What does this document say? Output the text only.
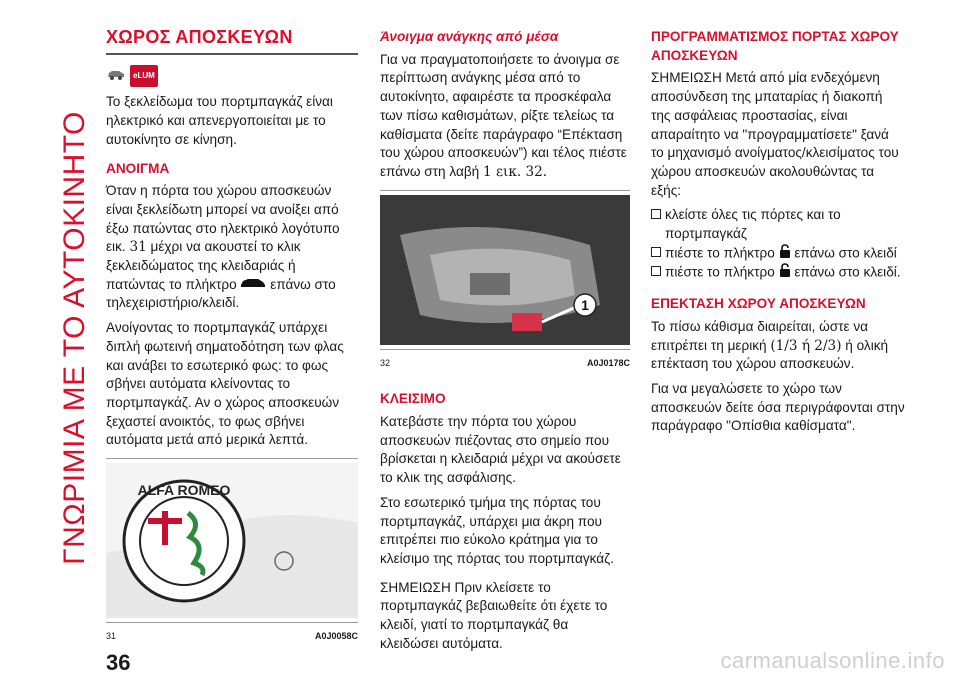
ΓΝΩΡΙΜΙΑ ΜΕ ΤΟ ΑΥΤΟΚΙΝΗΤΟ
ΧΩΡΟΣ ΑΠΟΣΚΕΥΩΝ
eLUM

Το ξεκλείδωμα του πορτμπαγκάζ είναι ηλεκτρικό και απενεργοποιείται με το αυτοκίνητο σε κίνηση.

ΑΝΟΙΓΜΑ

Όταν η πόρτα του χώρου αποσκευών είναι ξεκλείδωτη μπορεί να ανοίξει από έξω πατώντας στο ηλεκτρικό λογότυπο εικ. 31 μέχρι να ακουστεί το κλικ ξεκλειδώματος της κλειδαριάς ή πατώντας το πλήκτρο  επάνω στο τηλεχειριστήριο/κλειδί.

Ανοίγοντας το πορτμπαγκάζ υπάρχει διπλή φωτεινή σηματοδότηση των φλας και ανάβει το εσωτερικό φως: το φως σβήνει αυτόματα κλείνοντας το πορτμπαγκάζ. Αν ο χώρος αποσκευών ξεχαστεί ανοικτός, το φως σβήνει αυτόματα μετά από μερικά λεπτά.

ALFA ROMEO
31	A0J0058C
Άνοιγμα ανάγκης από μέσα

Για να πραγματοποιήσετε το άνοιγμα σε περίπτωση ανάγκης μέσα από το αυτοκίνητο, αφαιρέστε τα προσκέφαλα των πίσω καθισμάτων, ρίξτε τελείως τα καθίσματα (δείτε παράγραφο “Επέκταση του χώρου αποσκευών”) και τέλος πιέστε επάνω στη λαβή 1 εικ. 32.

1
32	A0J0178C
ΚΛΕΙΣΙΜΟ

Κατεβάστε την πόρτα του χώρου αποσκευών πιέζοντας στο σημείο που βρίσκεται η κλειδαριά μέχρι να ακούσετε το κλικ της ασφάλισης.

Στο εσωτερικό τμήμα της πόρτας του πορτμπαγκάζ, υπάρχει μια άκρη που επιτρέπει πιο εύκολο κράτημα για το κλείσιμο της πόρτας του πορτμπαγκάζ.

ΣΗΜΕΙΩΣΗ Πριν κλείσετε το πορτμπαγκάζ βεβαιωθείτε ότι έχετε το κλειδί, γιατί το πορτμπαγκάζ θα κλειδώσει αυτόματα.

ΠΡΟΓΡΑΜΜΑΤΙΣΜΟΣ ΠΟΡΤΑΣ ΧΩΡΟΥ ΑΠΟΣΚΕΥΩΝ

ΣΗΜΕΙΩΣΗ Μετά από μία ενδεχόμενη αποσύνδεση της μπαταρίας ή διακοπή της ασφάλειας προστασίας, είναι απαραίτητο να "προγραμματίσετε" ξανά το μηχανισμό ανοίγματος/κλεισίματος του χώρου αποσκευών ακολουθώντας τα εξής:

κλείστε όλες τις πόρτες και το πορτμπαγκάζ
πιέστε το πλήκτρο  επάνω στο κλειδί
πιέστε το πλήκτρο  επάνω στο κλειδί.
ΕΠΕΚΤΑΣΗ ΧΩΡΟΥ ΑΠΟΣΚΕΥΩΝ

Το πίσω κάθισμα διαιρείται, ώστε να επιτρέπει τη μερική (1/3 ή 2/3) ή ολική επέκταση του χώρου αποσκευών.

Για να μεγαλώσετε το χώρο των αποσκευών δείτε όσα περιγράφονται στην παράγραφο "Οπίσθια καθίσματα".

36	carmanualsonline.info
